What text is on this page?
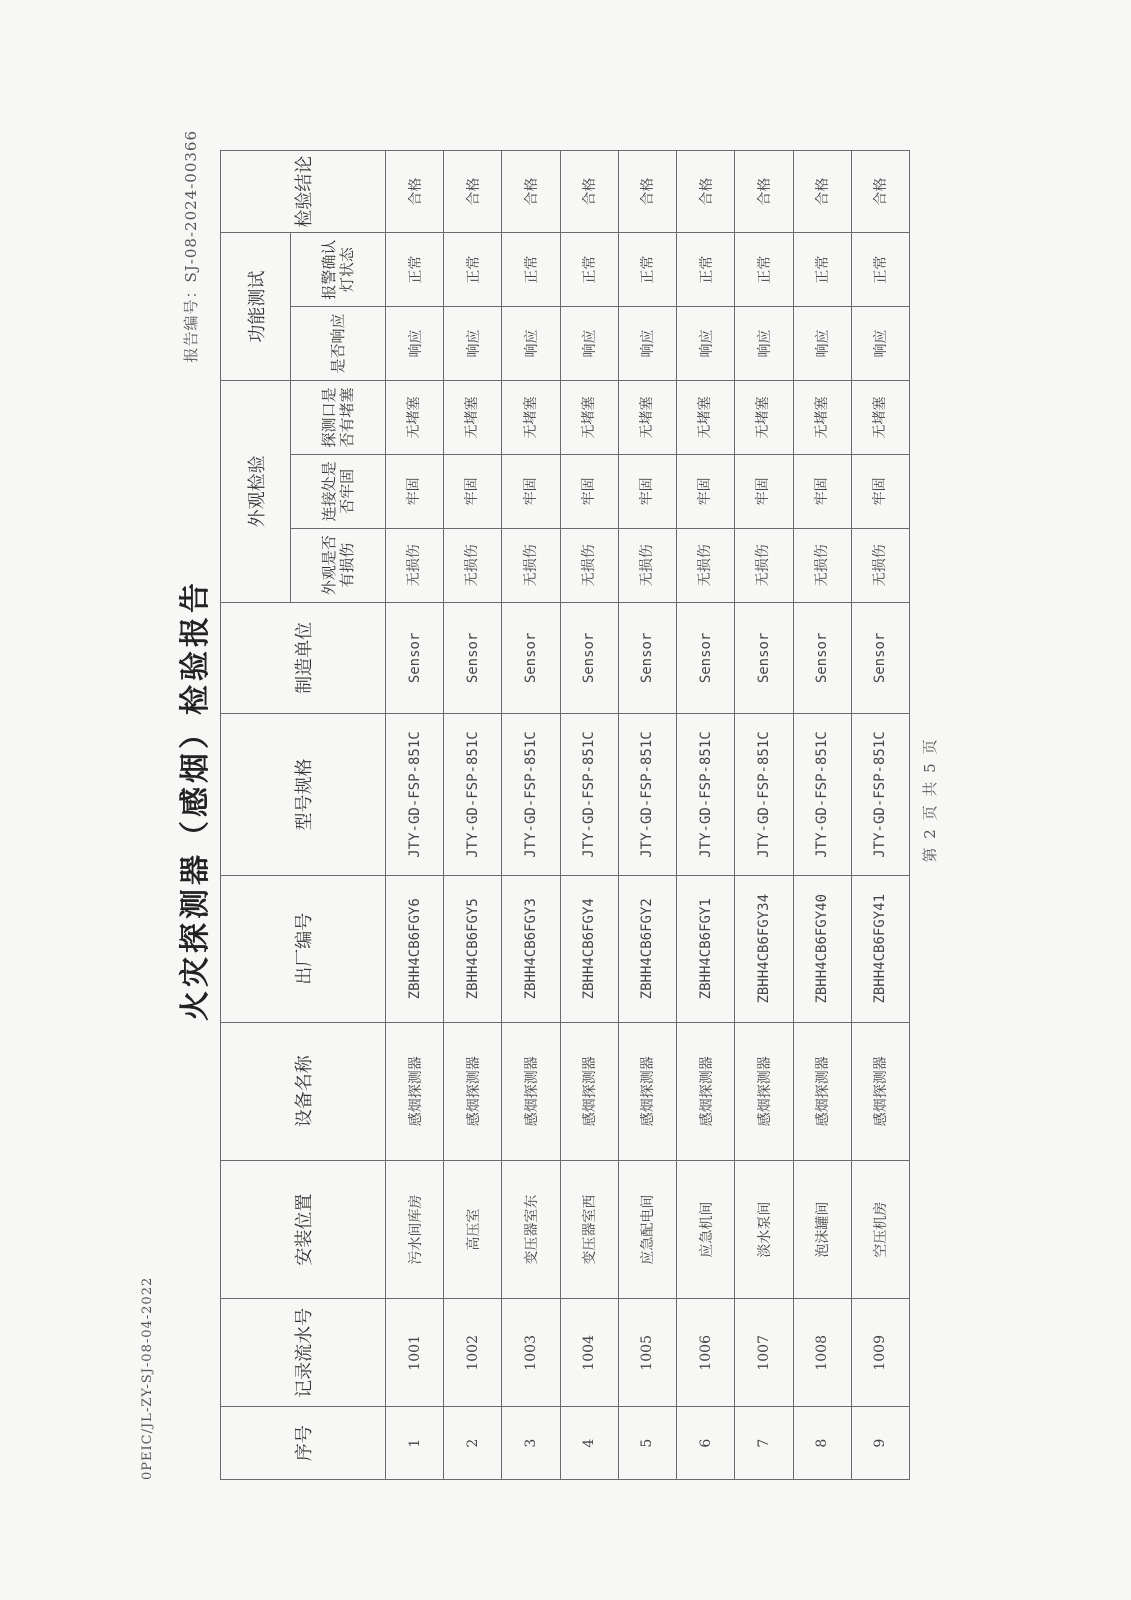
0PEIC/JL-ZY-SJ-08-04-2022
火灾探测器（感烟）检验报告
报告编号：SJ-08-2024-00366
序号	记录流水号	安装位置	设备名称	出厂编号	型号规格	制造单位	外观检验			功能测试		检验结论
							外观是否有损伤	连接处是否牢固	探测口是否有堵塞	是否响应	报警确认灯状态	
1	1001	污水间库房	感烟探测器	ZBHH4CB6FGY6	JTY-GD-FSP-851C	Sensor	无损伤	牢固	无堵塞	响应	正常	合格
2	1002	高压室	感烟探测器	ZBHH4CB6FGY5	JTY-GD-FSP-851C	Sensor	无损伤	牢固	无堵塞	响应	正常	合格
3	1003	变压器室东	感烟探测器	ZBHH4CB6FGY3	JTY-GD-FSP-851C	Sensor	无损伤	牢固	无堵塞	响应	正常	合格
4	1004	变压器室西	感烟探测器	ZBHH4CB6FGY4	JTY-GD-FSP-851C	Sensor	无损伤	牢固	无堵塞	响应	正常	合格
5	1005	应急配电间	感烟探测器	ZBHH4CB6FGY2	JTY-GD-FSP-851C	Sensor	无损伤	牢固	无堵塞	响应	正常	合格
6	1006	应急机间	感烟探测器	ZBHH4CB6FGY1	JTY-GD-FSP-851C	Sensor	无损伤	牢固	无堵塞	响应	正常	合格
7	1007	淡水泵间	感烟探测器	ZBHH4CB6FGY34	JTY-GD-FSP-851C	Sensor	无损伤	牢固	无堵塞	响应	正常	合格
8	1008	泡沫罐间	感烟探测器	ZBHH4CB6FGY40	JTY-GD-FSP-851C	Sensor	无损伤	牢固	无堵塞	响应	正常	合格
9	1009	空压机房	感烟探测器	ZBHH4CB6FGY41	JTY-GD-FSP-851C	Sensor	无损伤	牢固	无堵塞	响应	正常	合格
第 2 页 共 5 页
